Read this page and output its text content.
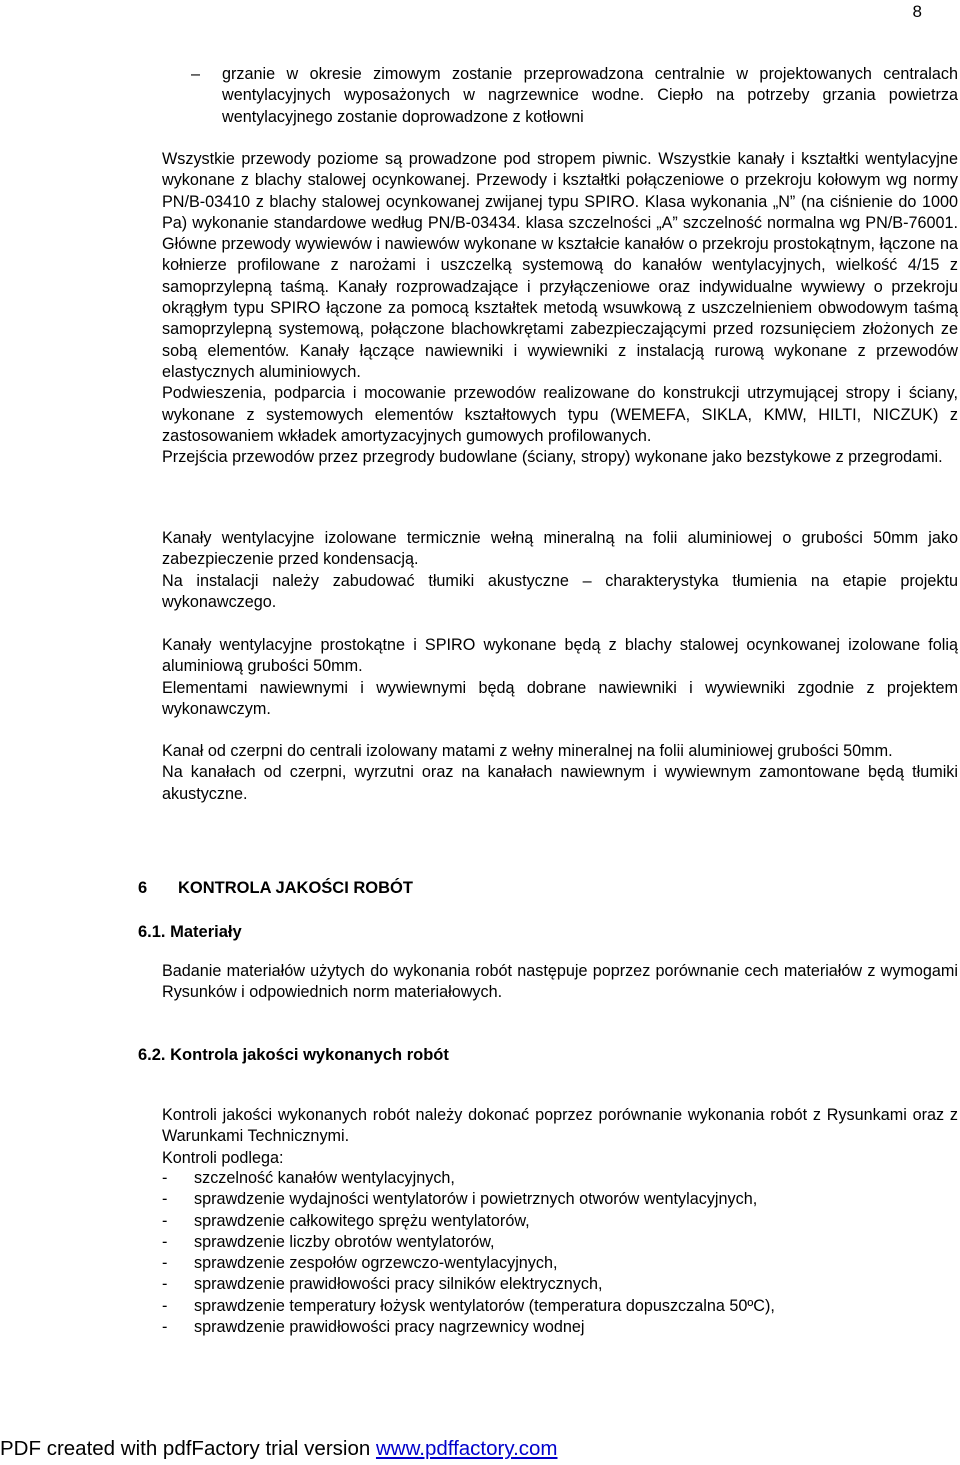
8
– grzanie w okresie zimowym zostanie przeprowadzona centralnie w projektowanych centralach wentylacyjnych wyposażonych w nagrzewnice wodne. Ciepło na potrzeby grzania powietrza wentylacyjnego zostanie doprowadzone z kotłowni

Wszystkie przewody poziome są prowadzone pod stropem piwnic. Wszystkie kanały i kształtki wentylacyjne wykonane z blachy stalowej ocynkowanej. Przewody i kształtki połączeniowe o przekroju kołowym wg normy PN/B-03410 z blachy stalowej ocynkowanej zwijanej typu SPIRO. Klasa wykonania „N” (na ciśnienie do 1000 Pa) wykonanie standardowe według PN/B-03434. klasa szczelności „A” szczelność normalna wg PN/B-76001. Główne przewody wywiewów i nawiewów wykonane w kształcie kanałów o przekroju prostokątnym, łączone na kołnierze profilowane z narożami i uszczelką systemową do kanałów wentylacyjnych, wielkość 4/15 z samoprzylepną taśmą. Kanały rozprowadzające i przyłączeniowe oraz indywidualne wywiewy o przekroju okrągłym typu SPIRO łączone za pomocą kształtek metodą wsuwkową z uszczelnieniem obwodowym taśmą samoprzylepną systemową, połączone blachowkrętami zabezpieczającymi przed rozsunięciem złożonych ze sobą elementów. Kanały łączące nawiewniki i wywiewniki z instalacją rurową wykonane z przewodów elastycznych aluminiowych.

Podwieszenia, podparcia i mocowanie przewodów realizowane do konstrukcji utrzymującej stropy i ściany, wykonane z systemowych elementów kształtowych typu (WEMEFA, SIKLA, KMW, HILTI, NICZUK) z zastosowaniem wkładek amortyzacyjnych gumowych profilowanych.

Przejścia przewodów przez przegrody budowlane (ściany, stropy) wykonane jako bezstykowe z przegrodami.

Kanały wentylacyjne izolowane termicznie wełną mineralną na folii aluminiowej o grubości 50mm jako zabezpieczenie przed kondensacją.

Na instalacji należy zabudować tłumiki akustyczne – charakterystyka tłumienia na etapie projektu wykonawczego.

Kanały wentylacyjne prostokątne i SPIRO wykonane będą z blachy stalowej ocynkowanej izolowane folią aluminiową grubości 50mm.

Elementami nawiewnymi i wywiewnymi będą dobrane nawiewniki i wywiewniki zgodnie z projektem wykonawczym.

Kanał od czerpni do centrali izolowany matami z wełny mineralnej na folii aluminiowej grubości 50mm.

Na kanałach od czerpni, wyrzutni oraz na kanałach nawiewnym i wywiewnym zamontowane będą tłumiki akustyczne.

6 KONTROLA JAKOŚCI ROBÓT
6.1. Materiały

Badanie materiałów użytych do wykonania robót następuje poprzez porównanie cech materiałów z wymogami Rysunków i odpowiednich norm materiałowych.

6.2. Kontrola jakości wykonanych robót

Kontroli jakości wykonanych robót należy dokonać poprzez porównanie wykonania robót z Rysunkami oraz z Warunkami Technicznymi.

Kontroli podlega:

-	szczelność kanałów wentylacyjnych,
-	sprawdzenie wydajności wentylatorów i powietrznych otworów wentylacyjnych,
-	sprawdzenie całkowitego sprężu wentylatorów,
-	sprawdzenie liczby obrotów wentylatorów,
-	sprawdzenie zespołów ogrzewczo-wentylacyjnych,
-	sprawdzenie prawidłowości pracy silników elektrycznych,
-	sprawdzenie temperatury łożysk wentylatorów (temperatura dopuszczalna 50ºC),
-	sprawdzenie prawidłowości pracy nagrzewnicy wodnej
PDF created with pdfFactory trial version www.pdffactory.com
